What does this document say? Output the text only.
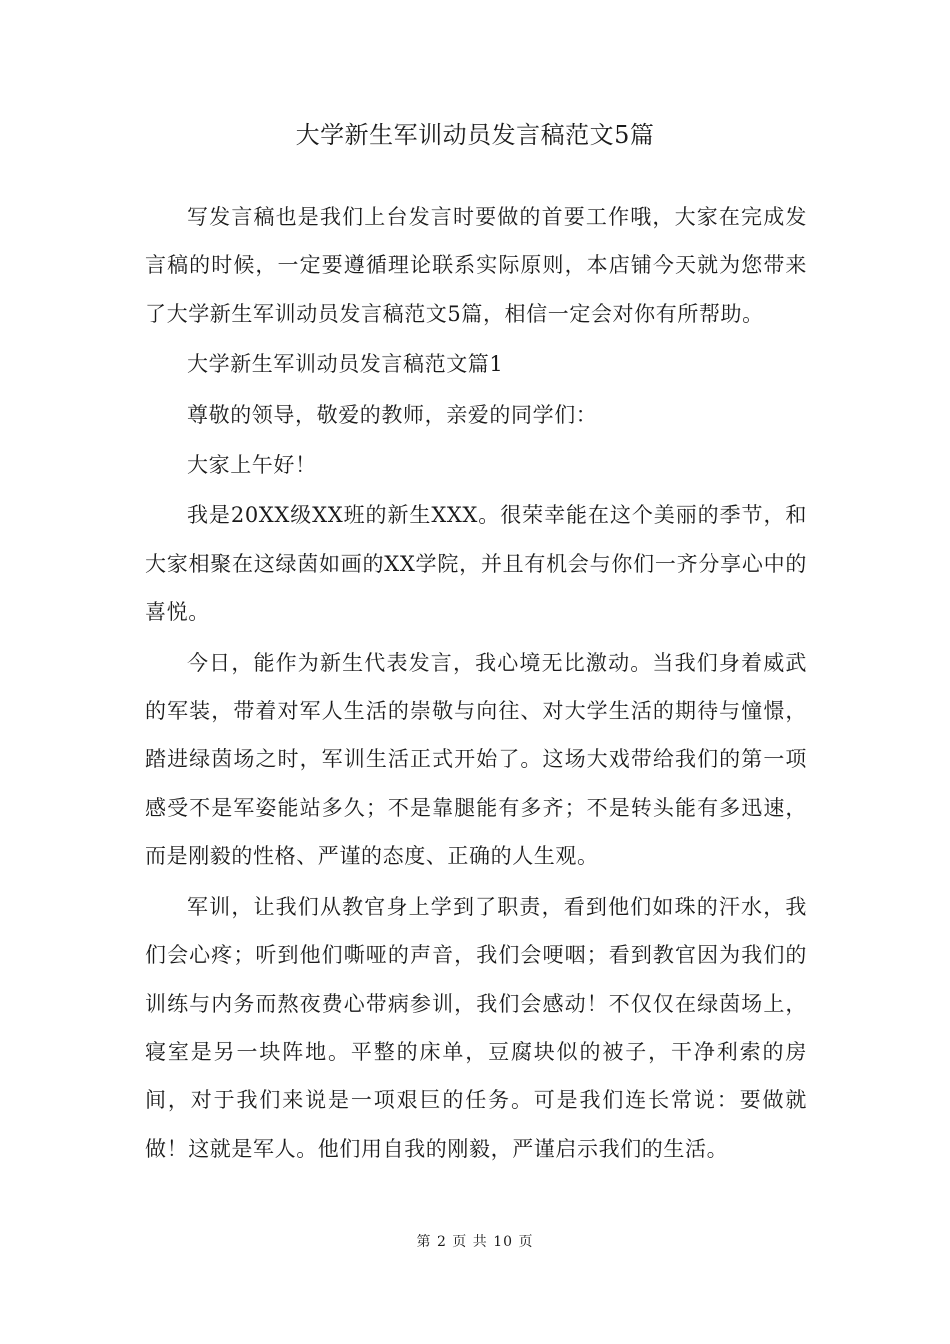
大学新生军训动员发言稿范文5篇

写发言稿也是我们上台发言时要做的首要工作哦，大家在完成发言稿的时候，一定要遵循理论联系实际原则，本店铺今天就为您带来了大学新生军训动员发言稿范文5篇，相信一定会对你有所帮助。

大学新生军训动员发言稿范文篇1

尊敬的领导，敬爱的教师，亲爱的同学们：

大家上午好！

我是20XX级XX班的新生XXX。很荣幸能在这个美丽的季节，和大家相聚在这绿茵如画的XX学院，并且有机会与你们一齐分享心中的喜悦。

今日，能作为新生代表发言，我心境无比激动。当我们身着威武的军装，带着对军人生活的崇敬与向往、对大学生活的期待与憧憬，踏进绿茵场之时，军训生活正式开始了。这场大戏带给我们的第一项感受不是军姿能站多久；不是靠腿能有多齐；不是转头能有多迅速，而是刚毅的性格、严谨的态度、正确的人生观。

军训，让我们从教官身上学到了职责，看到他们如珠的汗水，我们会心疼；听到他们嘶哑的声音，我们会哽咽；看到教官因为我们的训练与内务而熬夜费心带病参训，我们会感动！不仅仅在绿茵场上，寝室是另一块阵地。平整的床单，豆腐块似的被子，干净利索的房间，对于我们来说是一项艰巨的任务。可是我们连长常说：要做就做！这就是军人。他们用自我的刚毅，严谨启示我们的生活。

第 2 页 共 10 页
